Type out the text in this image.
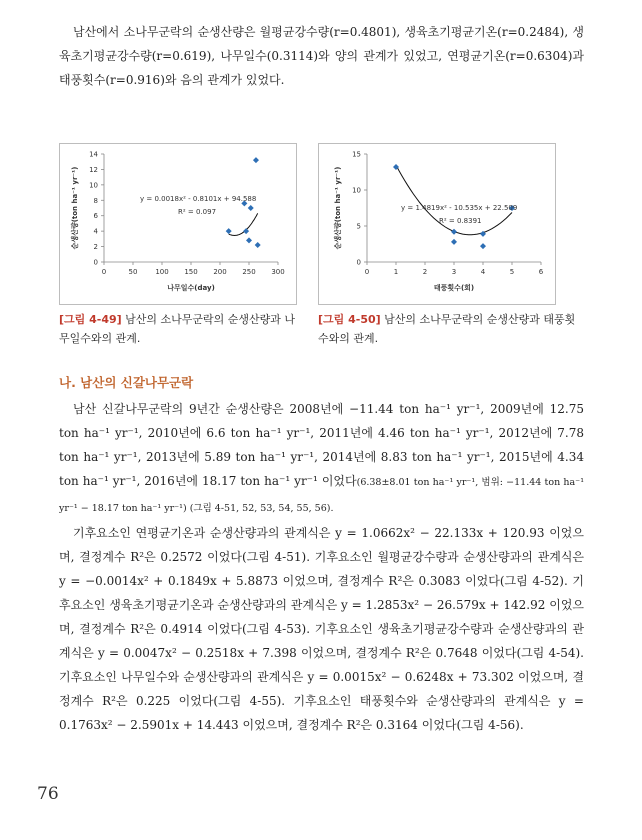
남산에서 소나무군락의 순생산량은 월평균강수량(r=0.4801), 생육초기평균기온(r=0.2484), 생육초기평균강수량(r=0.619), 나무일수(0.3114)와 양의 관계가 있었고, 연평균기온(r=0.6304)과 태풍횟수(r=0.916)와 음의 관계가 있었다.
0
2
4
6
8
10
12
14
0	50	100 150 200 250 300
나무일수(day)
순생산량(ton ha⁻¹ yr⁻¹)	y = 0.0018x² - 0.8101x + 94.588
R² = 0.097
0
5
10
15
0	1	2	3	4	5	6
태풍횟수(회)
순생산량(ton ha⁻¹ yr⁻¹)	y = 1.4819x² - 10.535x + 22.509
R² = 0.8391
[그림 4-49] 남산의 소나무군락의 순생산량과 나무일수와의 관계.
[그림 4-50] 남산의 소나무군락의 순생산량과 태풍횟수와의 관계.
나. 남산의 신갈나무군락
남산 신갈나무군락의 9년간 순생산량은 2008년에 −11.44 ton ha⁻¹ yr⁻¹, 2009년에 12.75 ton ha⁻¹ yr⁻¹, 2010년에 6.6 ton ha⁻¹ yr⁻¹, 2011년에 4.46 ton ha⁻¹ yr⁻¹, 2012년에 7.78 ton ha⁻¹ yr⁻¹, 2013년에 5.89 ton ha⁻¹ yr⁻¹, 2014년에 8.83 ton ha⁻¹ yr⁻¹, 2015년에 4.34 ton ha⁻¹ yr⁻¹, 2016년에 18.17 ton ha⁻¹ yr⁻¹ 이었다(6.38±8.01 ton ha⁻¹ yr⁻¹, 범위: −11.44 ton ha⁻¹ yr⁻¹ − 18.17 ton ha⁻¹ yr⁻¹) (그림 4-51, 52, 53, 54, 55, 56).
기후요소인 연평균기온과 순생산량과의 관계식은 y = 1.0662x² − 22.133x + 120.93 이었으며, 결정계수 R²은 0.2572 이었다(그림 4-51). 기후요소인 월평균강수량과 순생산량과의 관계식은 y = −0.0014x² + 0.1849x + 5.8873 이었으며, 결정계수 R²은 0.3083 이었다(그림 4-52). 기후요소인 생육초기평균기온과 순생산량과의 관계식은 y = 1.2853x² − 26.579x + 142.92 이었으며, 결정계수 R²은 0.4914 이었다(그림 4-53). 기후요소인 생육초기평균강수량과 순생산량과의 관계식은 y = 0.0047x² − 0.2518x + 7.398 이었으며, 결정계수 R²은 0.7648 이었다(그림 4-54). 기후요소인 나무일수와 순생산량과의 관계식은 y = 0.0015x² − 0.6248x + 73.302 이었으며, 결정계수 R²은 0.225 이었다(그림 4-55). 기후요소인 태풍횟수와 순생산량과의 관계식은 y = 0.1763x² − 2.5901x + 14.443 이었으며, 결정계수 R²은 0.3164 이었다(그림 4-56).
76
